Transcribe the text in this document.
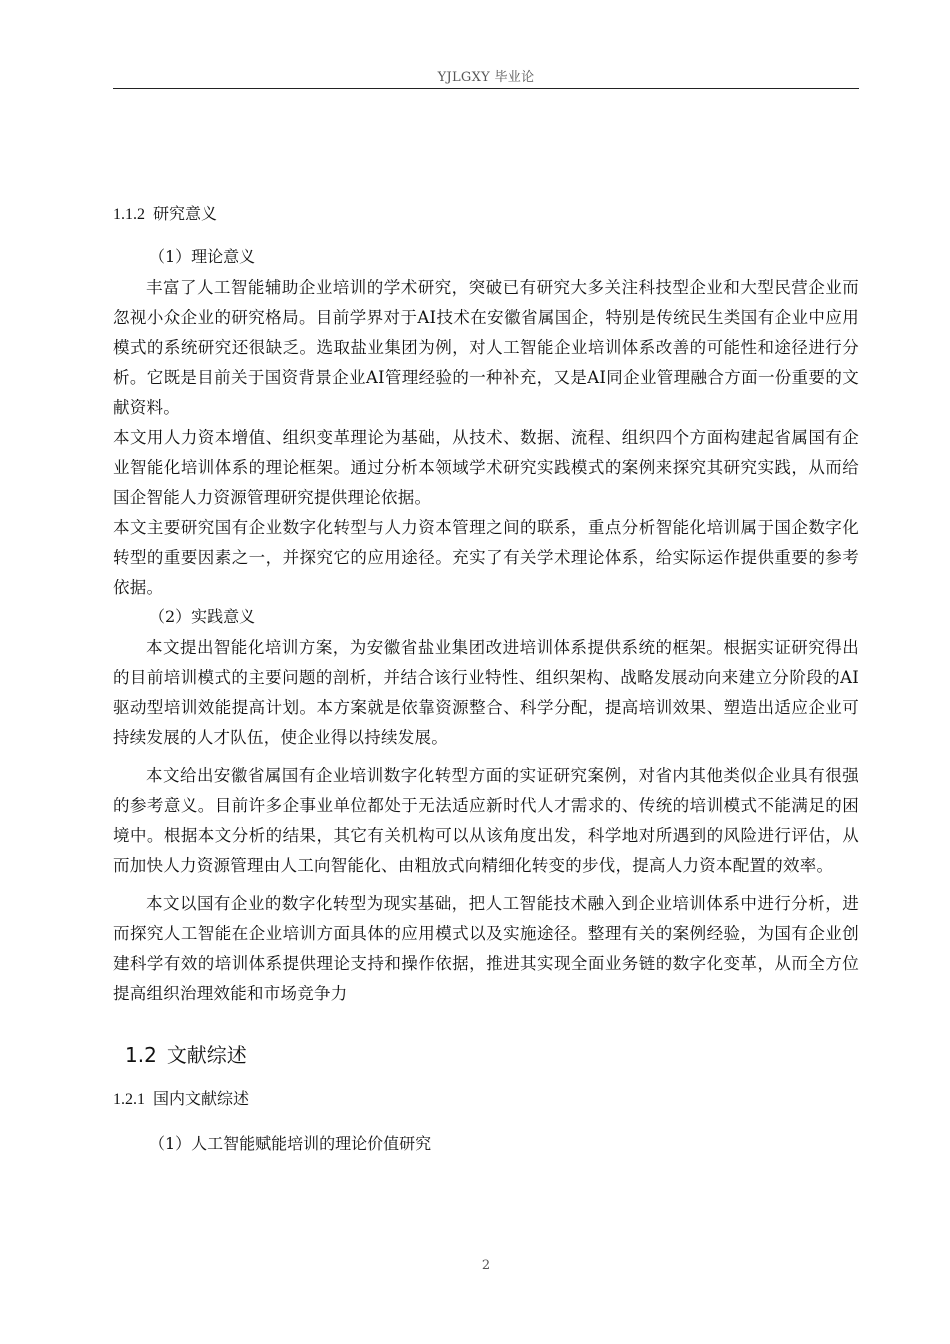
YJLGXY 毕业论
1.1.2 研究意义
（1）理论意义

丰富了人工智能辅助企业培训的学术研究，突破已有研究大多关注科技型企业和大型民营企业而忽视小众企业的研究格局。目前学界对于AI技术在安徽省属国企，特别是传统民生类国有企业中应用模式的系统研究还很缺乏。选取盐业集团为例，对人工智能企业培训体系改善的可能性和途径进行分析。它既是目前关于国资背景企业AI管理经验的一种补充，又是AI同企业管理融合方面一份重要的文献资料。

本文用人力资本增值、组织变革理论为基础，从技术、数据、流程、组织四个方面构建起省属国有企业智能化培训体系的理论框架。通过分析本领域学术研究实践模式的案例来探究其研究实践，从而给国企智能人力资源管理研究提供理论依据。

本文主要研究国有企业数字化转型与人力资本管理之间的联系，重点分析智能化培训属于国企数字化转型的重要因素之一，并探究它的应用途径。充实了有关学术理论体系，给实际运作提供重要的参考依据。

（2）实践意义

本文提出智能化培训方案，为安徽省盐业集团改进培训体系提供系统的框架。根据实证研究得出的目前培训模式的主要问题的剖析，并结合该行业特性、组织架构、战略发展动向来建立分阶段的AI驱动型培训效能提高计划。本方案就是依靠资源整合、科学分配，提高培训效果、塑造出适应企业可持续发展的人才队伍，使企业得以持续发展。

本文给出安徽省属国有企业培训数字化转型方面的实证研究案例，对省内其他类似企业具有很强的参考意义。目前许多企事业单位都处于无法适应新时代人才需求的、传统的培训模式不能满足的困境中。根据本文分析的结果，其它有关机构可以从该角度出发，科学地对所遇到的风险进行评估，从而加快人力资源管理由人工向智能化、由粗放式向精细化转变的步伐，提高人力资本配置的效率。

本文以国有企业的数字化转型为现实基础，把人工智能技术融入到企业培训体系中进行分析，进而探究人工智能在企业培训方面具体的应用模式以及实施途径。整理有关的案例经验，为国有企业创建科学有效的培训体系提供理论支持和操作依据，推进其实现全面业务链的数字化变革，从而全方位提高组织治理效能和市场竞争力

1.2 文献综述
1.2.1 国内文献综述
（1）人工智能赋能培训的理论价值研究
2
